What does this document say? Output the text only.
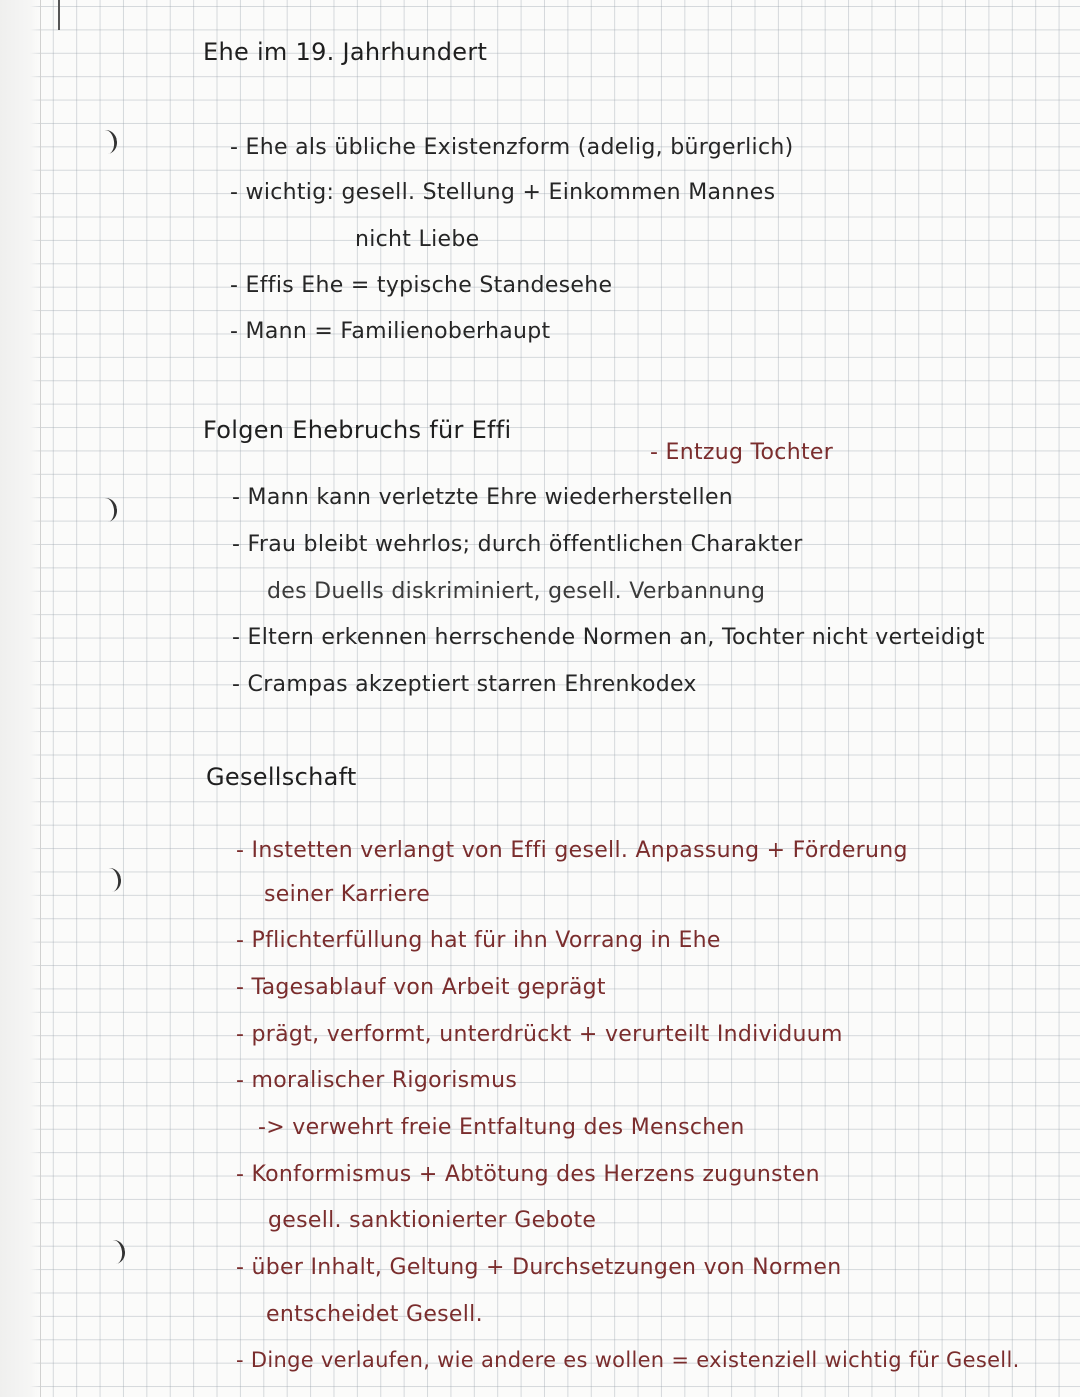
Ehe im 19. Jahrhundert
- Ehe als übliche Existenzform (adelig, bürgerlich)
- wichtig: gesell. Stellung + Einkommen Mannes
nicht Liebe
- Effis Ehe = typische Standesehe
- Mann = Familienoberhaupt
Folgen Ehebruchs für Effi
- Entzug Tochter
- Mann kann verletzte Ehre wiederherstellen
- Frau bleibt wehrlos; durch öffentlichen Charakter
des Duells diskriminiert, gesell. Verbannung
- Eltern erkennen herrschende Normen an, Tochter nicht verteidigt
- Crampas akzeptiert starren Ehrenkodex
Gesellschaft
- Instetten verlangt von Effi gesell. Anpassung + Förderung
seiner Karriere
- Pflichterfüllung hat für ihn Vorrang in Ehe
- Tagesablauf von Arbeit geprägt
- prägt, verformt, unterdrückt + verurteilt Individuum
- moralischer Rigorismus
-> verwehrt freie Entfaltung des Menschen
- Konformismus + Abtötung des Herzens zugunsten
gesell. sanktionierter Gebote
- über Inhalt, Geltung + Durchsetzungen von Normen
entscheidet Gesell.
- Dinge verlaufen, wie andere es wollen = existenziell wichtig für Gesell.
